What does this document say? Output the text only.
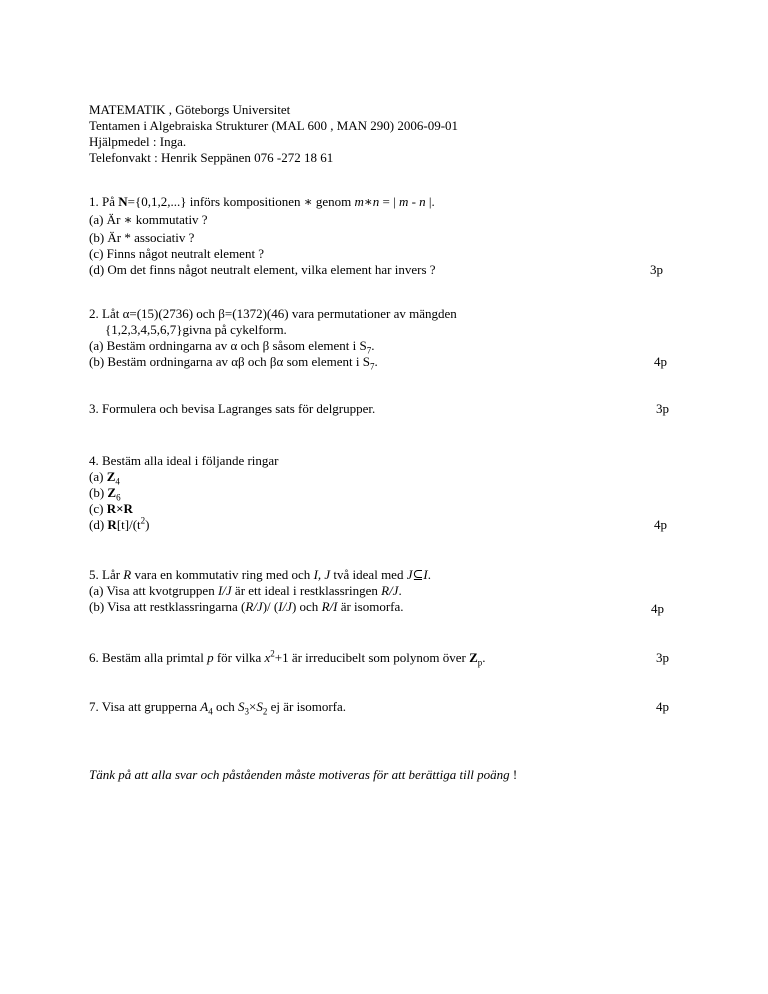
MATEMATIK , Göteborgs Universitet
Tentamen i Algebraiska Strukturer (MAL 600 , MAN 290) 2006-09-01
Hjälpmedel : Inga.
Telefonvakt : Henrik Seppänen 076 -272 18 61
1. På N={0,1,2,...} införs kompositionen ∗ genom m∗n = | m - n |.
(a) Är ∗ kommutativ ?
(b) Är * associativ ?
(c) Finns något neutralt element ?
(d) Om det finns något neutralt element, vilka element har invers ?	3p
2. Låt α=(15)(2736) och β=(1372)(46) vara permutationer av mängden
{1,2,3,4,5,6,7}givna på cykelform.
(a) Bestäm ordningarna av α och β såsom element i $S_7$.
(b) Bestäm ordningarna av αβ och βα som element i $S_7$.	4p
3. Formulera och bevisa Lagranges sats för delgrupper.	3p
4. Bestäm alla ideal i följande ringar
(a) $Z_4$
(b) $Z_6$
(c) R×R
(d) $R[t]/(t^2)$	4p
5. Lår R vara en kommutativ ring med och I, J två ideal med J⊆I.
(a) Visa att kvotgruppen I/J är ett ideal i restklassringen R/J.
(b) Visa att restklassringarna (R/J)/ (I/J) och R/I är isomorfa.	4p
6. Bestäm alla primtal p för vilka $x^2+1$ är irreducibelt som polynom över $Z_p$.	3p
7. Visa att grupperna $A_4$ och $S_3\times S_2$ ej är isomorfa.	4p
Tänk på att alla svar och påståenden måste motiveras för att berättiga till poäng !
